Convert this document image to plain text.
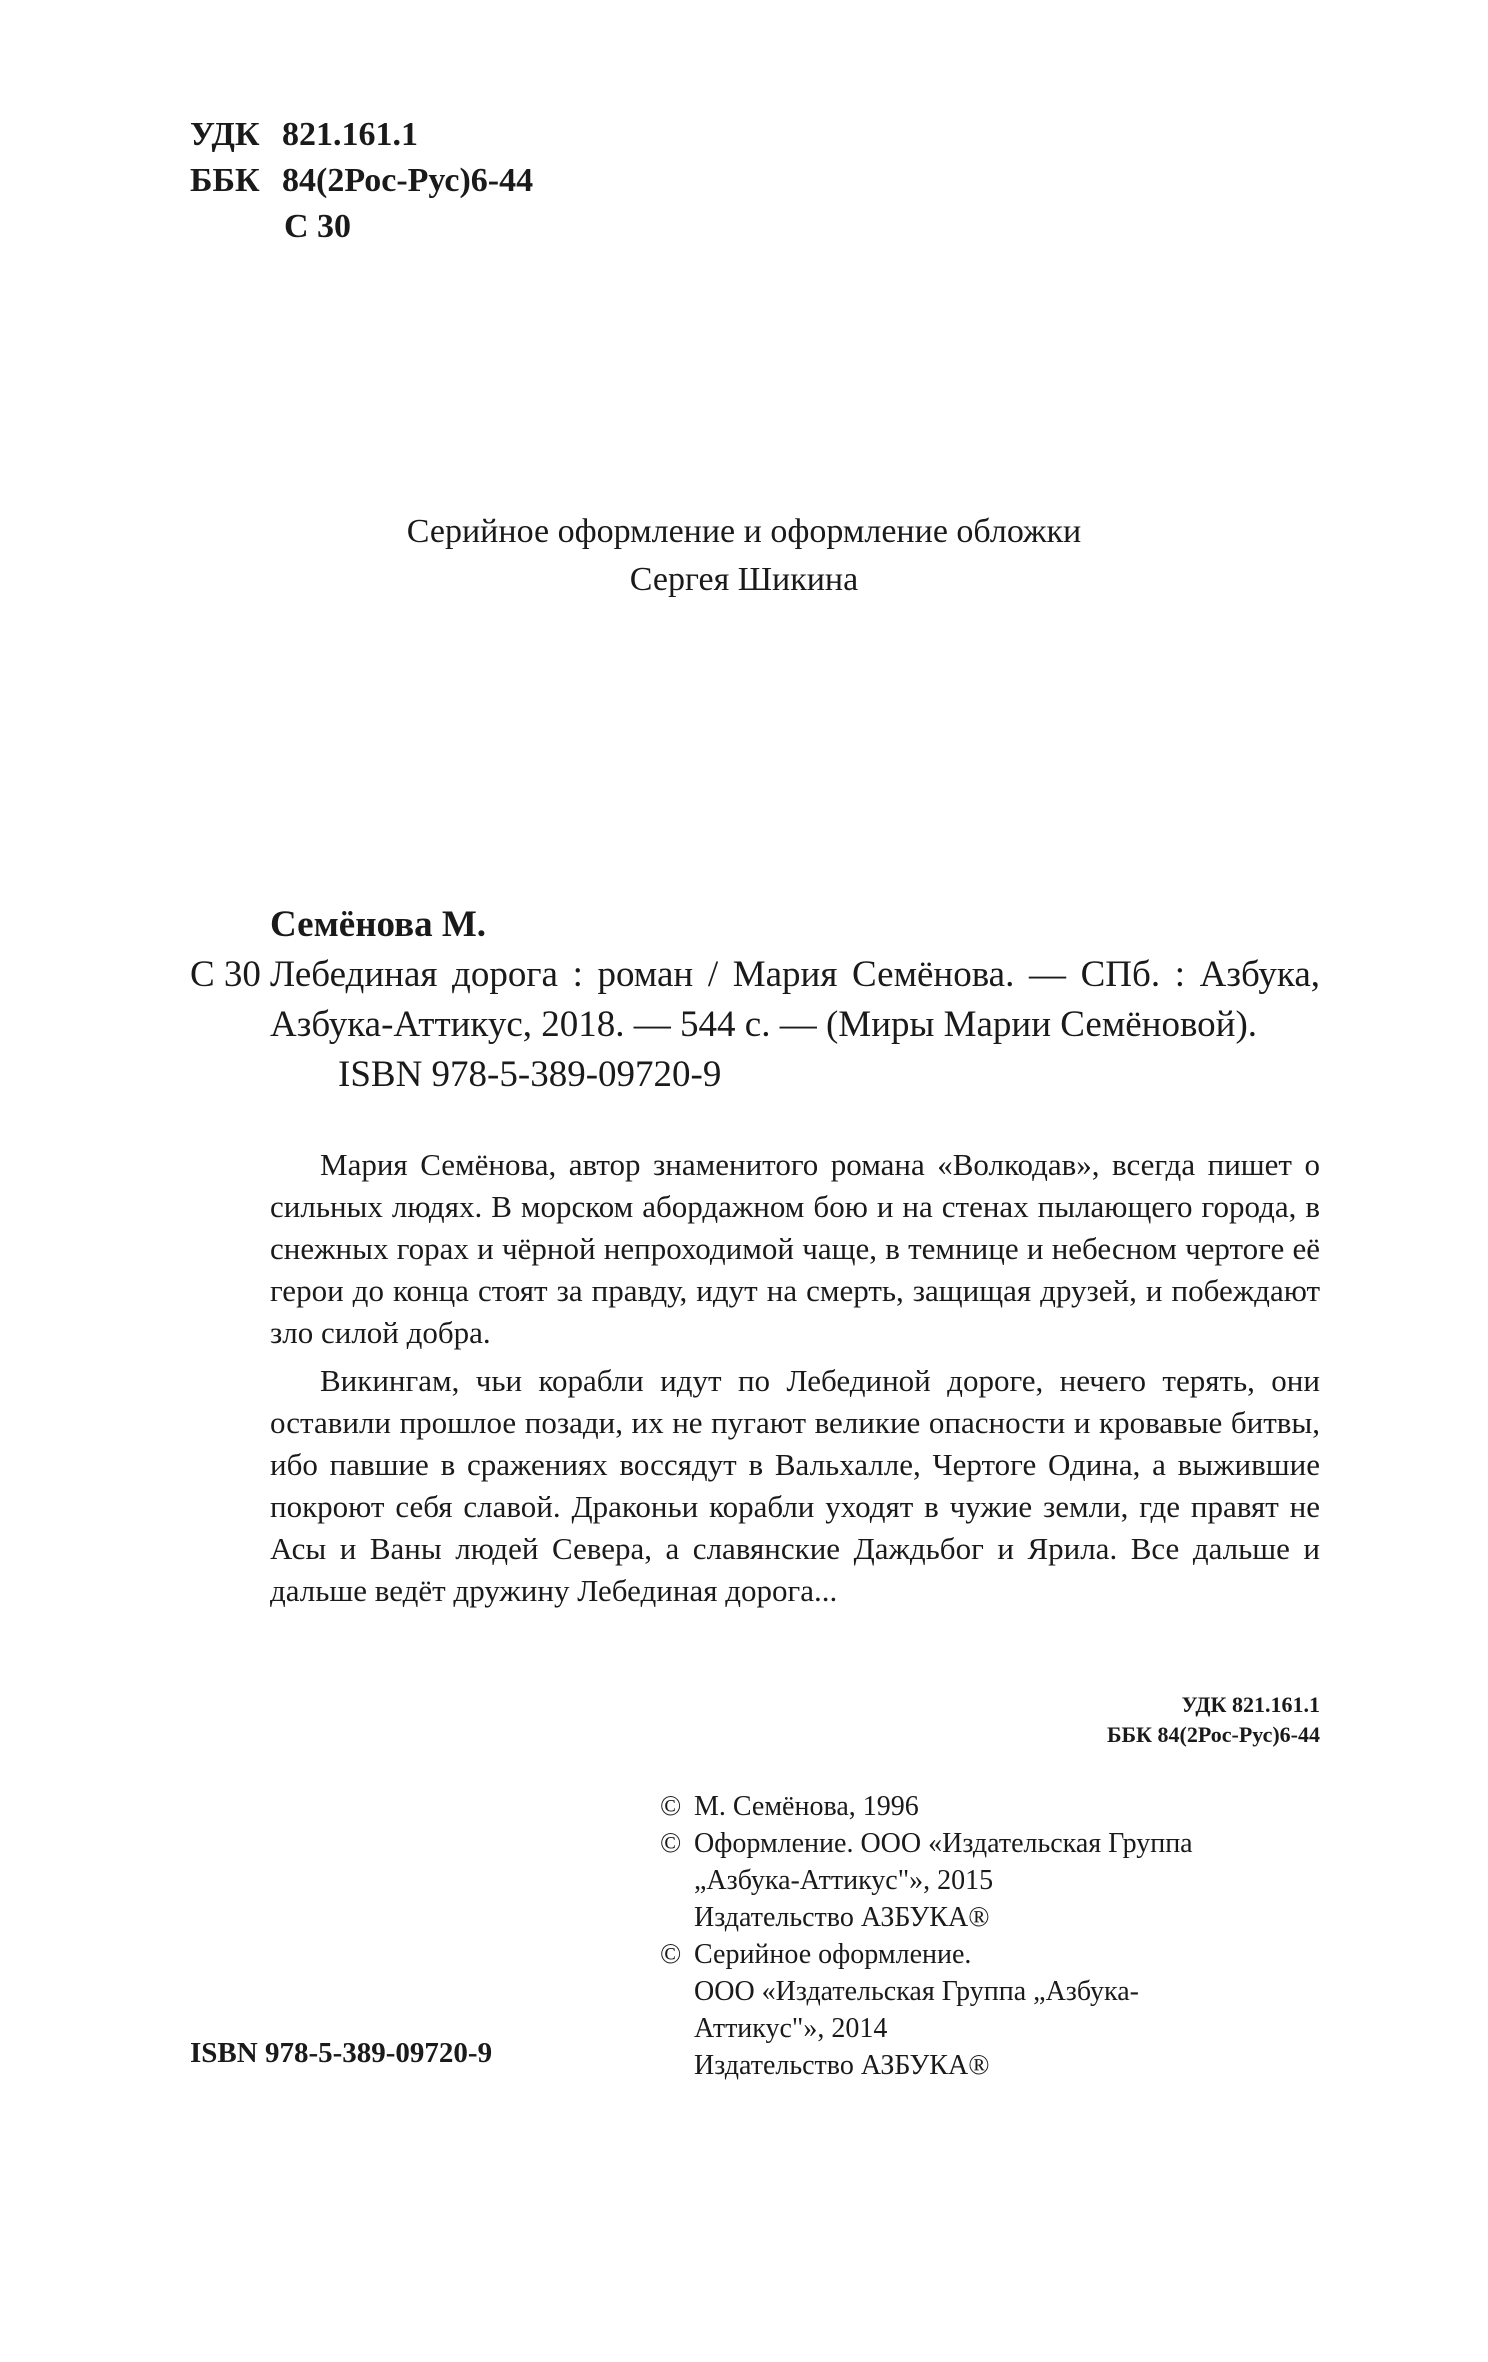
УДК 821.161.1
ББК 84(2Рос-Рус)6-44
С 30
Серийное оформление и оформление обложки
Сергея Шикина
Семёнова М.
С 30 Лебединая дорога : роман / Мария Семёнова. — СПб. : Азбука, Азбука-Аттикус, 2018. — 544 с. — (Миры Марии Семёновой).
ISBN 978-5-389-09720-9

Мария Семёнова, автор знаменитого романа «Волкодав», всегда пишет о сильных людях. В морском абордажном бою и на стенах пылающего города, в снежных горах и чёрной непроходимой чаще, в темнице и небесном чертоге её герои до конца стоят за правду, идут на смерть, защищая друзей, и побеждают зло силой добра.

Викингам, чьи корабли идут по Лебединой дороге, нечего терять, они оставили прошлое позади, их не пугают великие опасности и кровавые битвы, ибо павшие в сражениях воссядут в Вальхалле, Чертоге Одина, а выжившие покроют себя славой. Драконьи корабли уходят в чужие земли, где правят не Асы и Ваны людей Севера, а славянские Даждьбог и Ярила. Все дальше и дальше ведёт дружину Лебединая дорога...

УДК 821.161.1
ББК 84(2Рос-Рус)6-44
© М. Семёнова, 1996
© Оформление. ООО «Издательская Группа
„Азбука-Аттикус"», 2015
Издательство АЗБУКА®
© Серийное оформление.
ООО «Издательская Группа „Азбука-
Аттикус"», 2014
Издательство АЗБУКА®
ISBN 978-5-389-09720-9
